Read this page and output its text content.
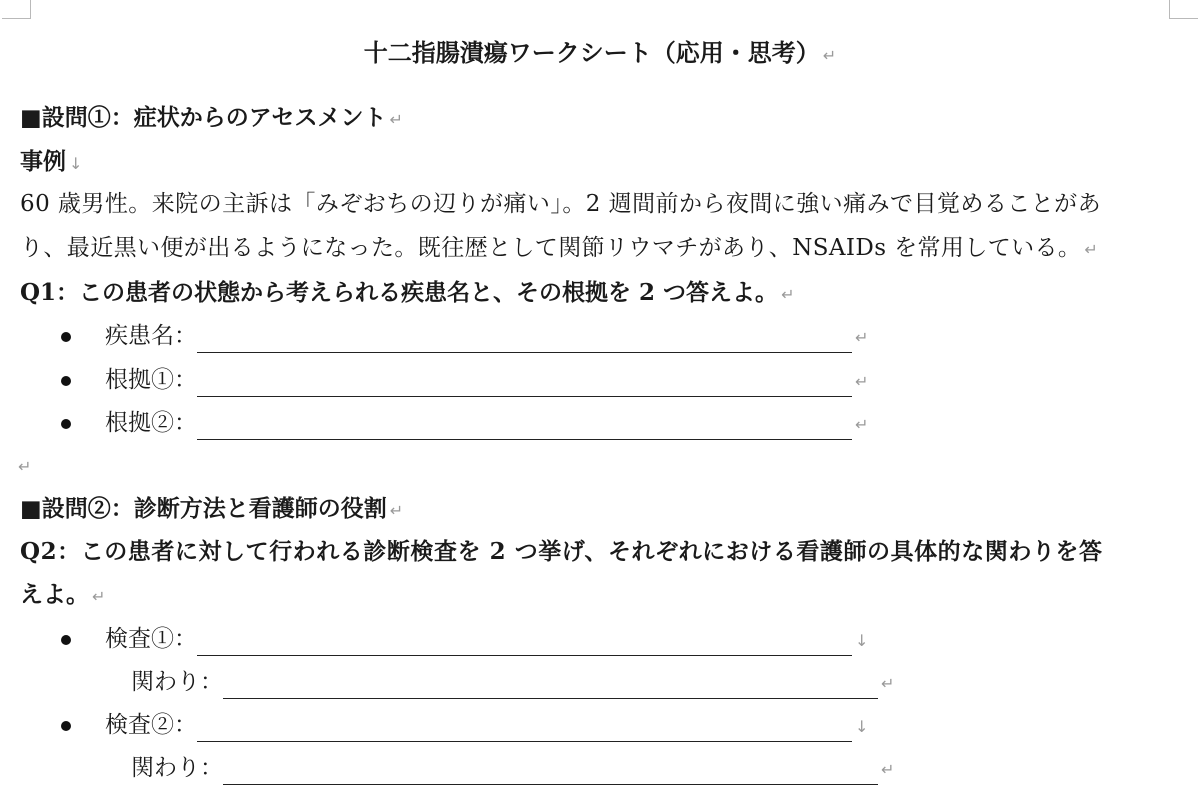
十二指腸潰瘍ワークシート（応用・思考） ↵
■設問①：症状からのアセスメント ↵
事例 ↓
60 歳男性。来院の主訴は「みぞおちの辺りが痛い」。2 週間前から夜間に強い痛みで目覚めることがあ
り、最近黒い便が出るようになった。既往歴として関節リウマチがあり、NSAIDs を常用している。 ↵
Q1：この患者の状態から考えられる疾患名と、その根拠を 2 つ答えよ。 ↵
疾患名：	↵
根拠①：	↵
根拠②：	↵
↵
■設問②：診断方法と看護師の役割 ↵
Q2：この患者に対して行われる診断検査を 2 つ挙げ、それぞれにおける看護師の具体的な関わりを答
えよ。 ↵
検査①：	↓
関わり：	↵
検査②：	↓
関わり：	↵
